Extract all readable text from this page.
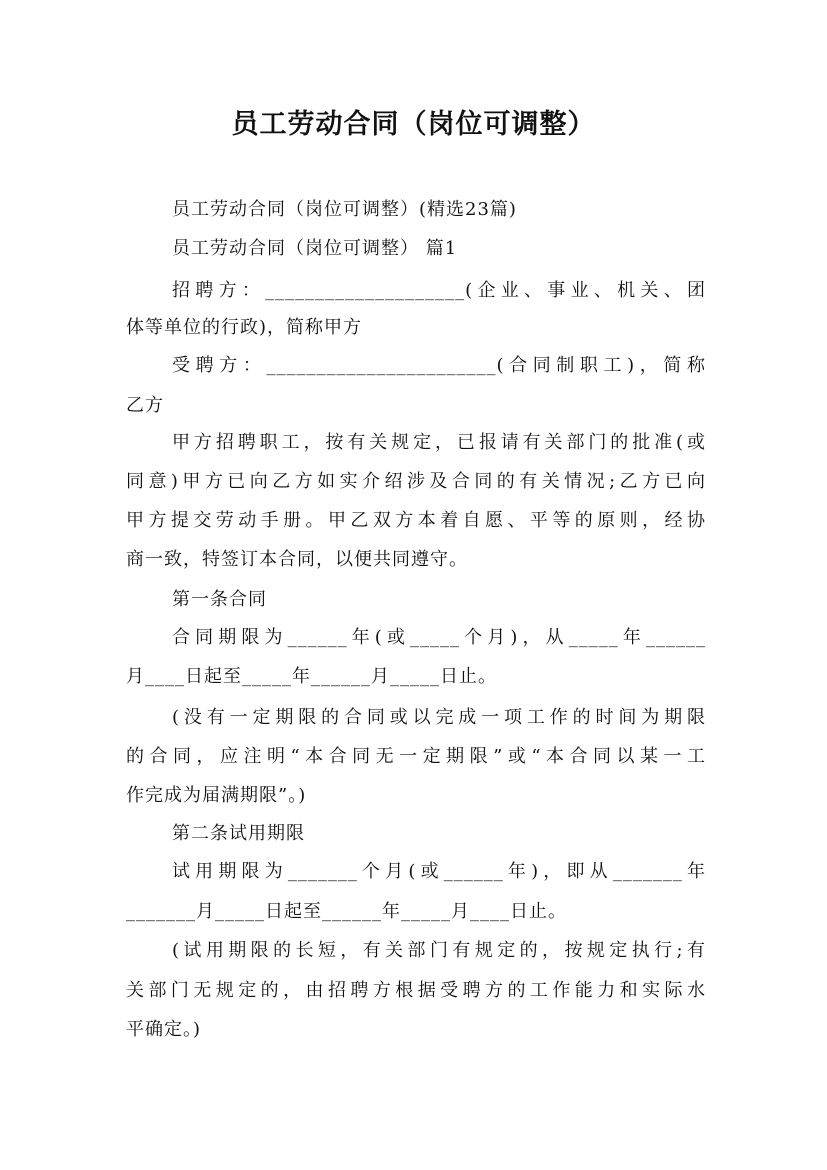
员工劳动合同（岗位可调整）
员工劳动合同（岗位可调整）(精选23篇)
员工劳动合同（岗位可调整） 篇1
招聘方：____________________(企业、事业、机关、团
体等单位的行政)，简称甲方
受聘方：_______________________(合同制职工)，简称
乙方
甲方招聘职工，按有关规定，已报请有关部门的批准(或
同意)甲方已向乙方如实介绍涉及合同的有关情况;乙方已向
甲方提交劳动手册。甲乙双方本着自愿、平等的原则，经协
商一致，特签订本合同，以便共同遵守。
第一条合同
合同期限为______年(或_____个月)，从_____年______
月____日起至_____年______月_____日止。
(没有一定期限的合同或以完成一项工作的时间为期限
的合同，应注明“本合同无一定期限”或“本合同以某一工
作完成为届满期限”。)
第二条试用期限
试用期限为_______个月(或______年)，即从_______年
_______月_____日起至______年_____月____日止。
(试用期限的长短，有关部门有规定的，按规定执行;有
关部门无规定的，由招聘方根据受聘方的工作能力和实际水
平确定。)
